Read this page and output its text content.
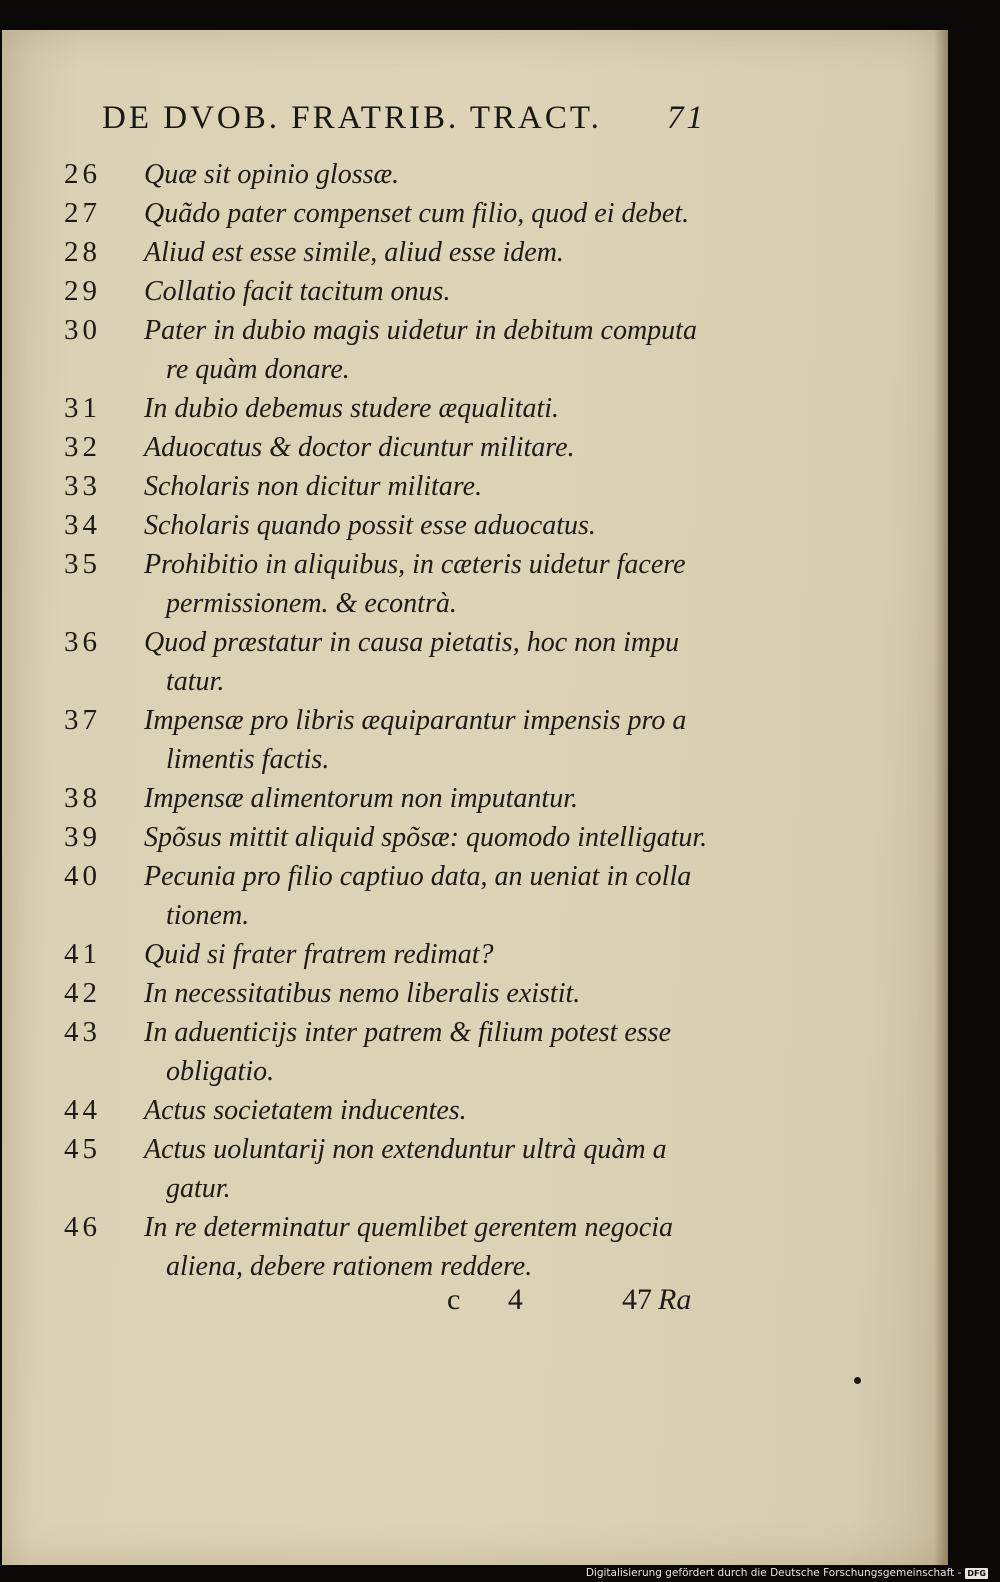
DE DVOB. FRATRIB. TRACT. 71
26	Quæ sit opinio glossæ.
27	Quãdo pater compenset cum filio, quod ei debet.
28	Aliud est esse simile, aliud esse idem.
29	Collatio facit tacitum onus.
30	Pater in dubio magis uidetur in debitum computa
re quàm donare.
31	In dubio debemus studere æqualitati.
32	Aduocatus & doctor dicuntur militare.
33	Scholaris non dicitur militare.
34	Scholaris quando possit esse aduocatus.
35	Prohibitio in aliquibus, in cæteris uidetur facere
permissionem. & econtrà.
36	Quod præstatur in causa pietatis, hoc non impu
tatur.
37	Impensæ pro libris æquiparantur impensis pro a
limentis factis.
38	Impensæ alimentorum non imputantur.
39	Spõsus mittit aliquid spõsæ: quomodo intelligatur.
40	Pecunia pro filio captiuo data, an ueniat in colla
tionem.
41	Quid si frater fratrem redimat?
42	In necessitatibus nemo liberalis existit.
43	In aduenticijs inter patrem & filium potest esse
obligatio.
44	Actus societatem inducentes.
45	Actus uoluntarij non extenduntur ultrà quàm a
gatur.
46	In re determinatur quemlibet gerentem negocia
aliena, debere rationem reddere.
c 4	47 Ra
Digitalisierung gefördert durch die Deutsche Forschungsgemeinschaft - DFG
